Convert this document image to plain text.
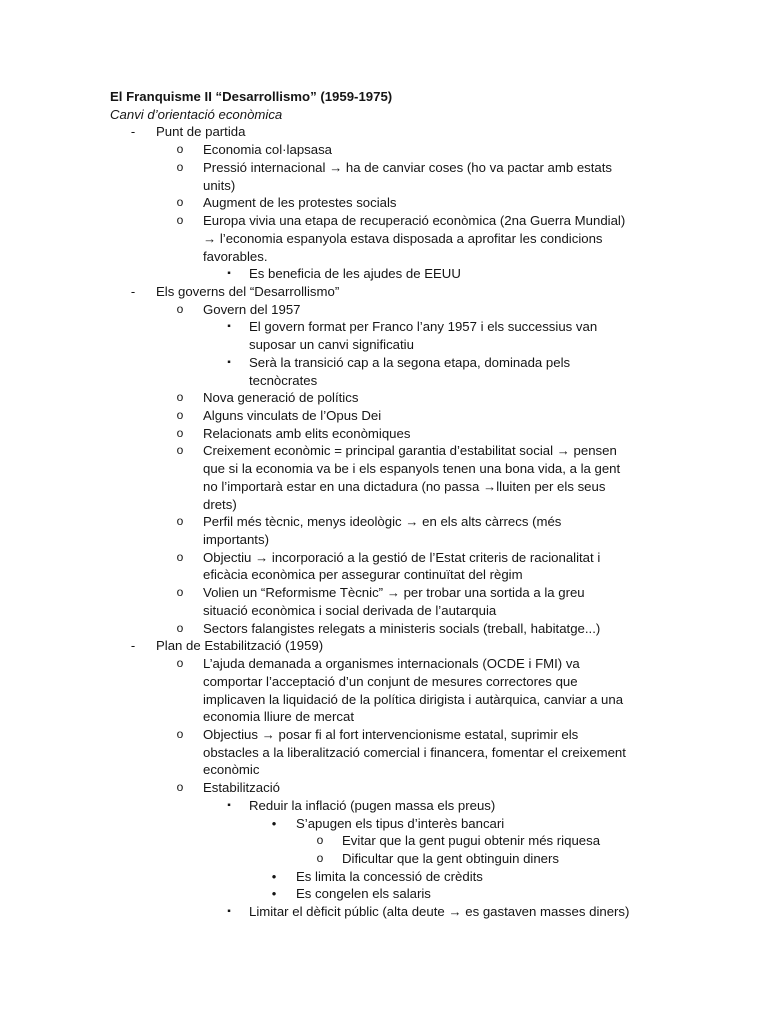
El Franquisme II “Desarrollismo” (1959-1975)
Canvi d’orientació econòmica
- Punt de partida
o Economia col·lapsasa
o Pressió internacional → ha de canviar coses (ho va pactar amb estats
units)
o Augment de les protestes socials
o Europa vivia una etapa de recuperació econòmica (2na Guerra Mundial)
→ l’economia espanyola estava disposada a aprofitar les condicions
favorables.
▪	Es beneficia de les ajudes de EEUU
- Els governs del “Desarrollismo”
o Govern del 1957
▪	El govern format per Franco l’any 1957 i els successius van
suposar un canvi significatiu
▪	Serà la transició cap a la segona etapa, dominada pels
tecnòcrates
o Nova generació de polítics
o Alguns vinculats de l’Opus Dei
o Relacionats amb elits econòmiques
o Creixement econòmic = principal garantia d’estabilitat social → pensen
que si la economia va be i els espanyols tenen una bona vida, a la gent
no l’importarà estar en una dictadura (no passa →lluiten per els seus
drets)
o Perfil més tècnic, menys ideològic → en els alts càrrecs (més
importants)
o Objectiu → incorporació a la gestió de l’Estat criteris de racionalitat i
eficàcia econòmica per assegurar continuïtat del règim
o Volien un “Reformisme Tècnic” → per trobar una sortida a la greu
situació econòmica i social derivada de l’autarquia
o Sectors falangistes relegats a ministeris socials (treball, habitatge...)
- Plan de Estabilització (1959)
o L’ajuda demanada a organismes internacionals (OCDE i FMI) va
comportar l’acceptació d’un conjunt de mesures correctores que
implicaven la liquidació de la política dirigista i autàrquica, canviar a una
economia lliure de mercat
o Objectius → posar fi al fort intervencionisme estatal, suprimir els
obstacles a la liberalització comercial i financera, fomentar el creixement
econòmic
o Estabilització
▪	Reduir la inflació (pugen massa els preus)
• S’apugen els tipus d’interès bancari
o Evitar que la gent pugui obtenir més riquesa
o Dificultar que la gent obtinguin diners
• Es limita la concessió de crèdits
• Es congelen els salaris
▪	Limitar el dèficit públic (alta deute → es gastaven masses diners)
